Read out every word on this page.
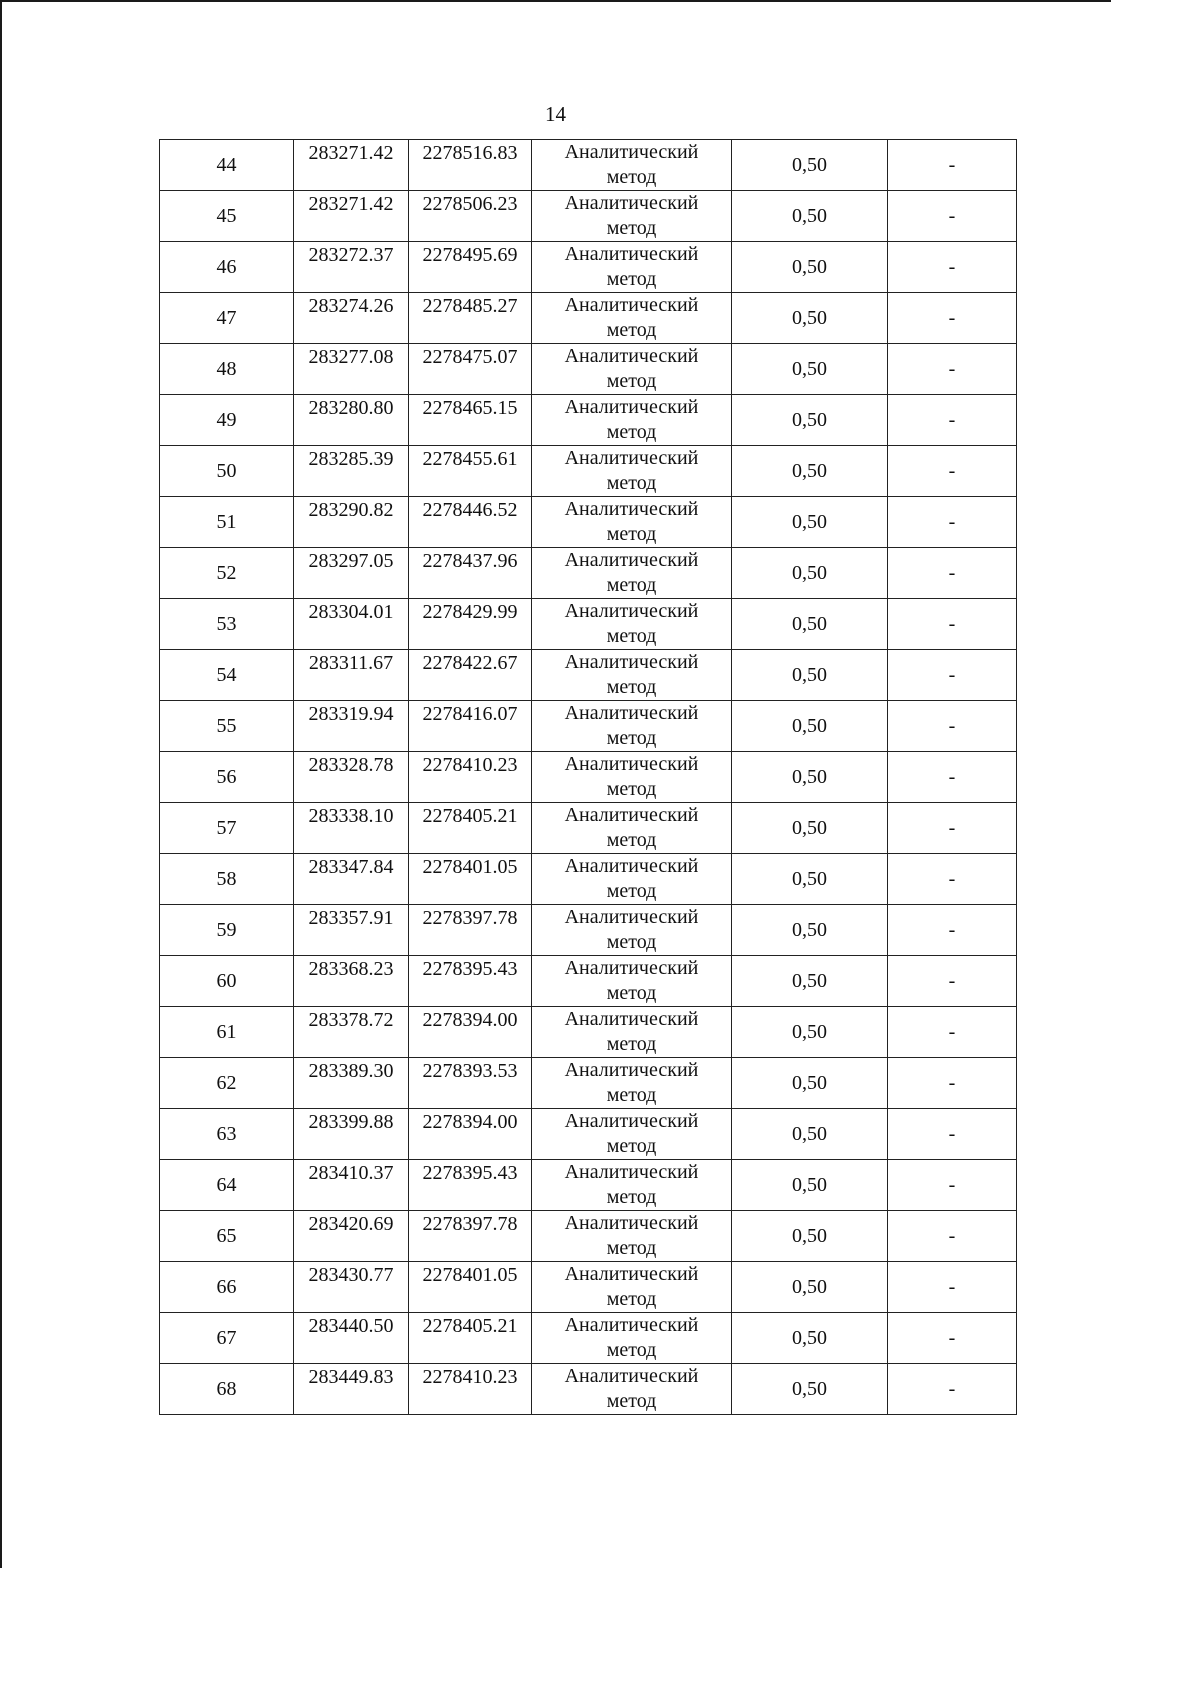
14
44	283271.42	2278516.83	Аналитический
метод	0,50	-
45	283271.42	2278506.23	Аналитический
метод	0,50	-
46	283272.37	2278495.69	Аналитический
метод	0,50	-
47	283274.26	2278485.27	Аналитический
метод	0,50	-
48	283277.08	2278475.07	Аналитический
метод	0,50	-
49	283280.80	2278465.15	Аналитический
метод	0,50	-
50	283285.39	2278455.61	Аналитический
метод	0,50	-
51	283290.82	2278446.52	Аналитический
метод	0,50	-
52	283297.05	2278437.96	Аналитический
метод	0,50	-
53	283304.01	2278429.99	Аналитический
метод	0,50	-
54	283311.67	2278422.67	Аналитический
метод	0,50	-
55	283319.94	2278416.07	Аналитический
метод	0,50	-
56	283328.78	2278410.23	Аналитический
метод	0,50	-
57	283338.10	2278405.21	Аналитический
метод	0,50	-
58	283347.84	2278401.05	Аналитический
метод	0,50	-
59	283357.91	2278397.78	Аналитический
метод	0,50	-
60	283368.23	2278395.43	Аналитический
метод	0,50	-
61	283378.72	2278394.00	Аналитический
метод	0,50	-
62	283389.30	2278393.53	Аналитический
метод	0,50	-
63	283399.88	2278394.00	Аналитический
метод	0,50	-
64	283410.37	2278395.43	Аналитический
метод	0,50	-
65	283420.69	2278397.78	Аналитический
метод	0,50	-
66	283430.77	2278401.05	Аналитический
метод	0,50	-
67	283440.50	2278405.21	Аналитический
метод	0,50	-
68	283449.83	2278410.23	Аналитический
метод	0,50	-
